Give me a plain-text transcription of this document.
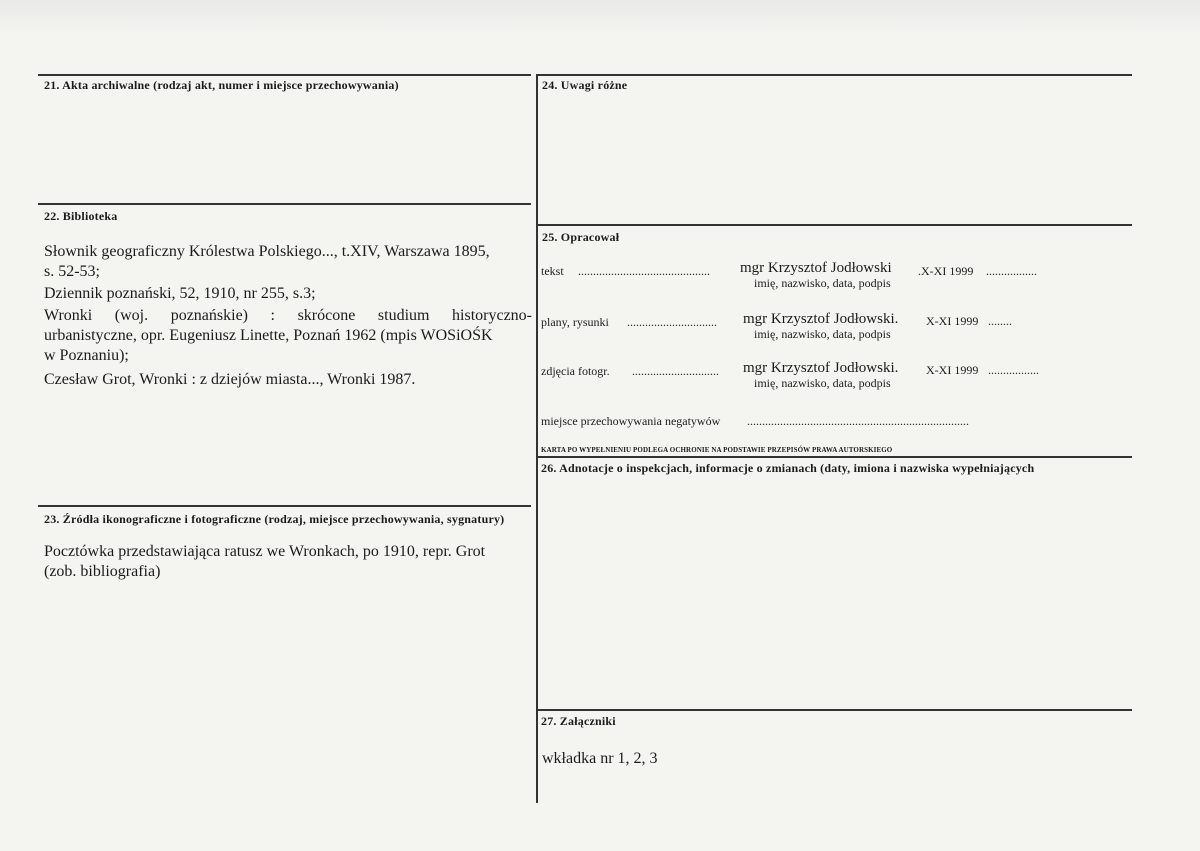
21. Akta archiwalne (rodzaj akt, numer i miejsce przechowywania)	24. Uwagi różne
22. Biblioteka

Słownik geograficzny Królestwa Polskiego..., t.XIV, Warszawa 1895,

s. 52-53;

Dziennik poznański, 52, 1910, nr 255, s.3;

Wronki (woj. poznańskie) : skrócone studium historyczno-

urbanistyczne, opr. Eugeniusz Linette, Poznań 1962 (mpis WOSiOŚK

w Poznaniu);

Czesław Grot, Wronki : z dziejów miasta..., Wronki 1987.

23. Źródła ikonograficzne i fotograficzne (rodzaj, miejsce przechowywania, sygnatury)

Pocztówka przedstawiająca ratusz we Wronkach, po 1910, repr. Grot

(zob. bibliografia)

25. Opracował
tekst ............................................	mgr Krzysztof Jodłowski .X-XI 1999 .................
imię, nazwisko, data, podpis
plany, rysunki ..............................	mgr Krzysztof Jodłowski. X-XI 1999 ........
imię, nazwisko, data, podpis
zdjęcia fotogr. .............................	mgr Krzysztof Jodłowski. X-XI 1999 .................
imię, nazwisko, data, podpis
miejsce przechowywania negatywów ..........................................................................
KARTA PO WYPEŁNIENIU PODLEGA OCHRONIE NA PODSTAWIE PRZEPISÓW PRAWA AUTORSKIEGO
26. Adnotacje o inspekcjach, informacje o zmianach (daty, imiona i nazwiska wypełniających
27. Załączniki
wkładka nr 1, 2, 3
